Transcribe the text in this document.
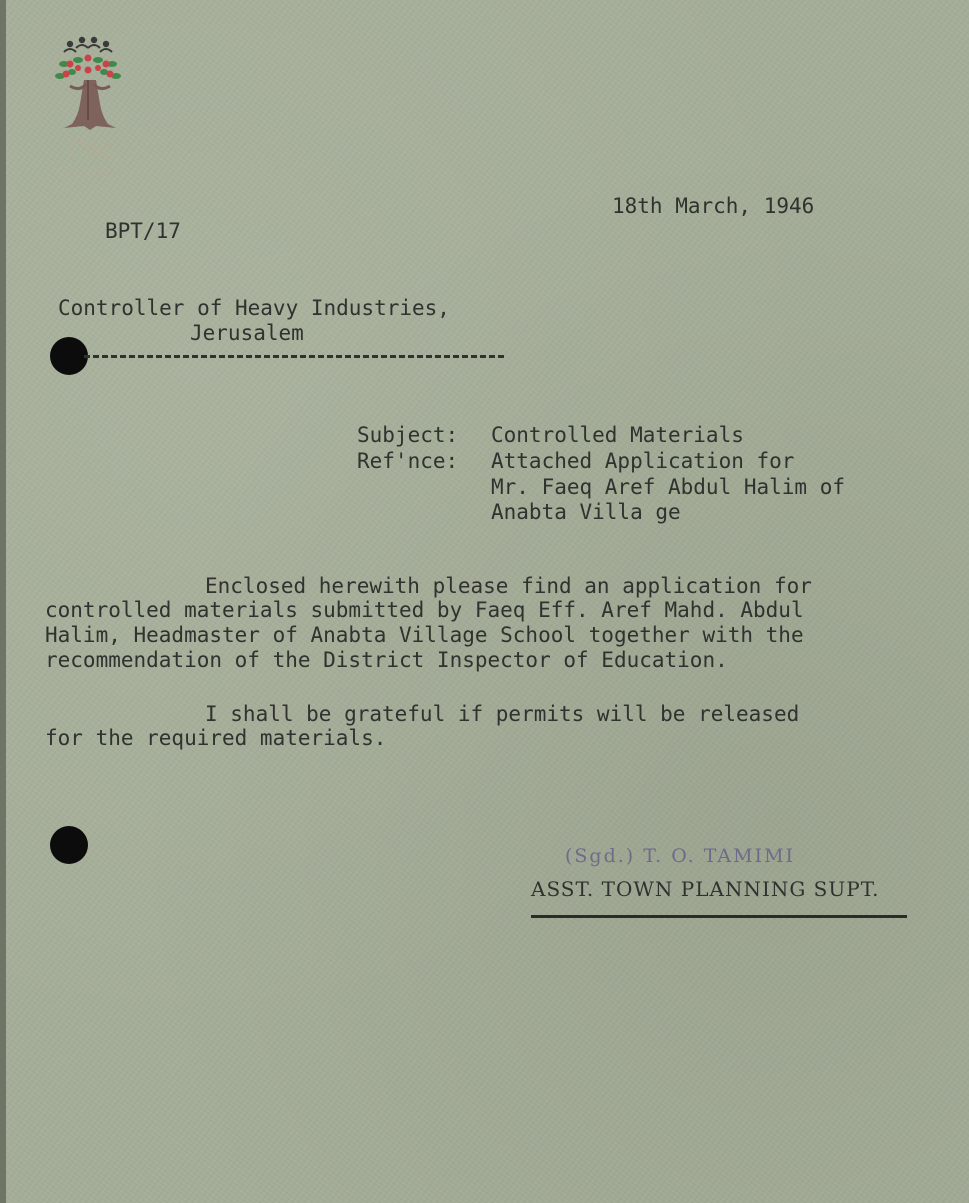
18th March, 1946
BPT/17
Controller of Heavy Industries,
Jerusalem
Subject: Controlled Materials
Ref'nce: Attached Application for
Mr. Faeq Aref Abdul Halim of
Anabta Villa ge
Enclosed herewith please find an application for
controlled materials submitted by Faeq Eff. Aref Mahd. Abdul
Halim, Headmaster of Anabta Village School together with the
recommendation of the District Inspector of Education.
I shall be grateful if permits will be released
for the required materials.
(Sgd.) T. O. TAMIMI
ASST. TOWN PLANNING SUPT.
